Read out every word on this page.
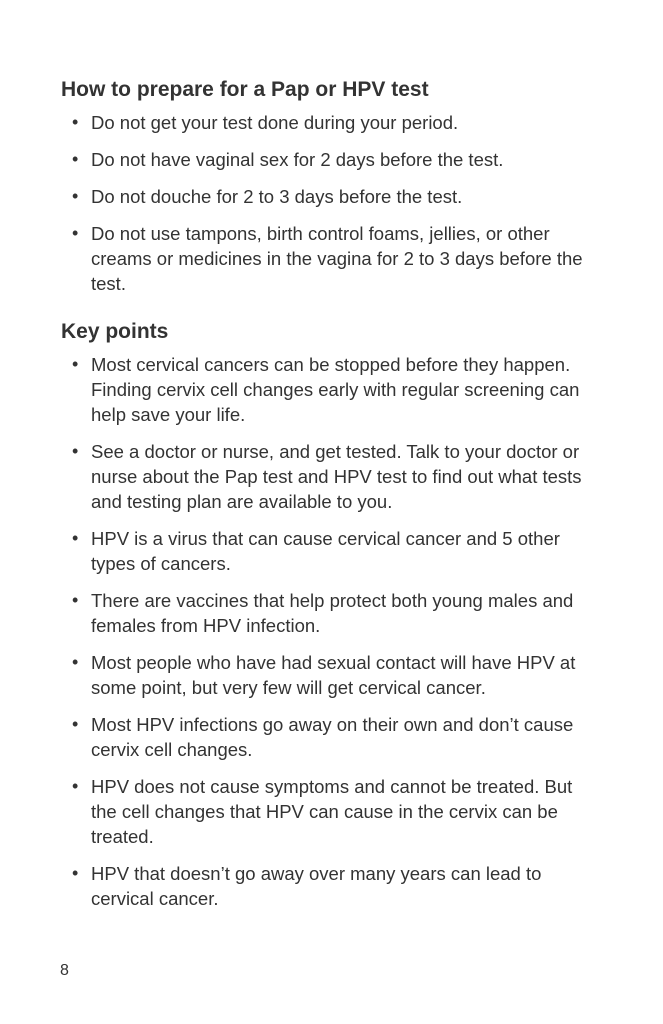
How to prepare for a Pap or HPV test
• Do not get your test done during your period.
• Do not have vaginal sex for 2 days before the test.
• Do not douche for 2 to 3 days before the test.
• Do not use tampons, birth control foams, jellies, or other creams or medicines in the vagina for 2 to 3 days before the test.
Key points
• Most cervical cancers can be stopped before they happen. Finding cervix cell changes early with regular screening can help save your life.
• See a doctor or nurse, and get tested. Talk to your doctor or nurse about the Pap test and HPV test to find out what tests and testing plan are available to you.
• HPV is a virus that can cause cervical cancer and 5 other types of cancers.
• There are vaccines that help protect both young males and females from HPV infection.
• Most people who have had sexual contact will have HPV at some point, but very few will get cervical cancer.
• Most HPV infections go away on their own and don’t cause cervix cell changes.
• HPV does not cause symptoms and cannot be treated. But the cell changes that HPV can cause in the cervix can be treated.
• HPV that doesn’t go away over many years can lead to cervical cancer.
8
